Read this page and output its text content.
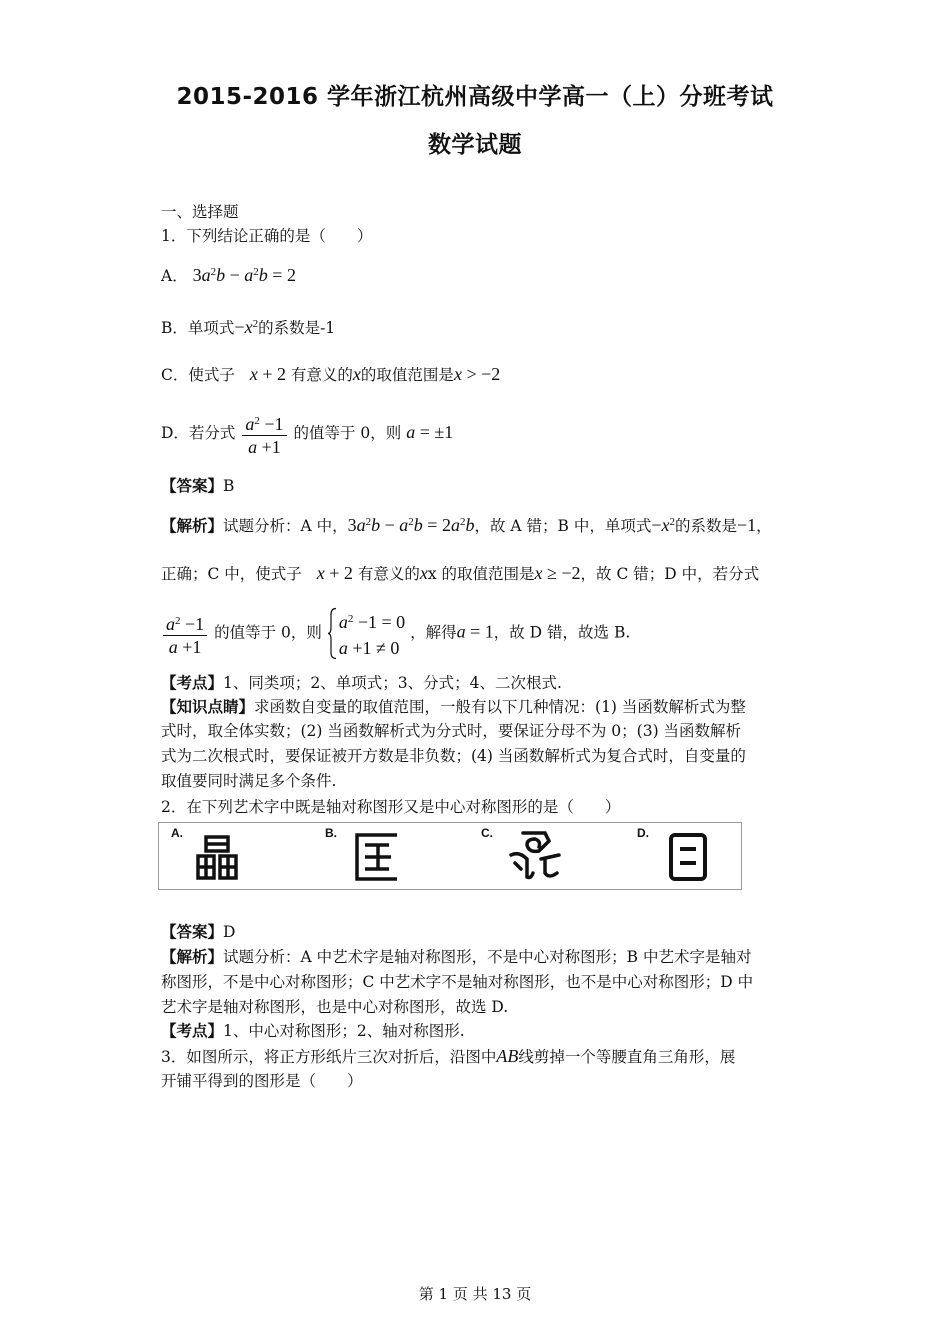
2015-2016 学年浙江杭州高级中学高一（上）分班考试
数学试题
一、选择题
1．下列结论正确的是（　　）
A． $3a^2b - a^2b = 2$
B．单项式$-x^2$的系数是-1
C．使式子 x + 2 有意义的x的取值范围是x > −2
D．若分式 $\frac{a^2 -1}{a +1}$ 的值等于 0，则 a = ±1
【答案】B
【解析】试题分析：A 中，$3a^2b - a^2b = 2a^2b$，故 A 错；B 中，单项式$-x^2$的系数是−1，
正确；C 中，使式子 x + 2 有意义的xx 的取值范围是x ≥ −2，故 C 错；D 中，若分式
$\frac{a^2 -1}{a +1}$ 的值等于 0，则
$a^2 -1 = 0$
a +1 ≠ 0
，解得a = 1，故 D 错，故选 B.
【考点】1、同类项；2、单项式；3、分式；4、二次根式.
【知识点睛】求函数自变量的取值范围，一般有以下几种情况：(1) 当函数解析式为整
式时，取全体实数；(2) 当函数解析式为分式时，要保证分母不为 0；(3) 当函数解析
式为二次根式时，要保证被开方数是非负数；(4) 当函数解析式为复合式时，自变量的
取值要同时满足多个条件.
2．在下列艺术字中既是轴对称图形又是中心对称图形的是（　　）
A.	B.	C.	D.
【答案】D
【解析】试题分析：A 中艺术字是轴对称图形，不是中心对称图形；B 中艺术字是轴对
称图形，不是中心对称图形；C 中艺术字不是轴对称图形，也不是中心对称图形；D 中
艺术字是轴对称图形，也是中心对称图形，故选 D.
【考点】1、中心对称图形；2、轴对称图形.
3．如图所示，将正方形纸片三次对折后，沿图中AB线剪掉一个等腰直角三角形，展
开铺平得到的图形是（　　）
第 1 页 共 13 页
